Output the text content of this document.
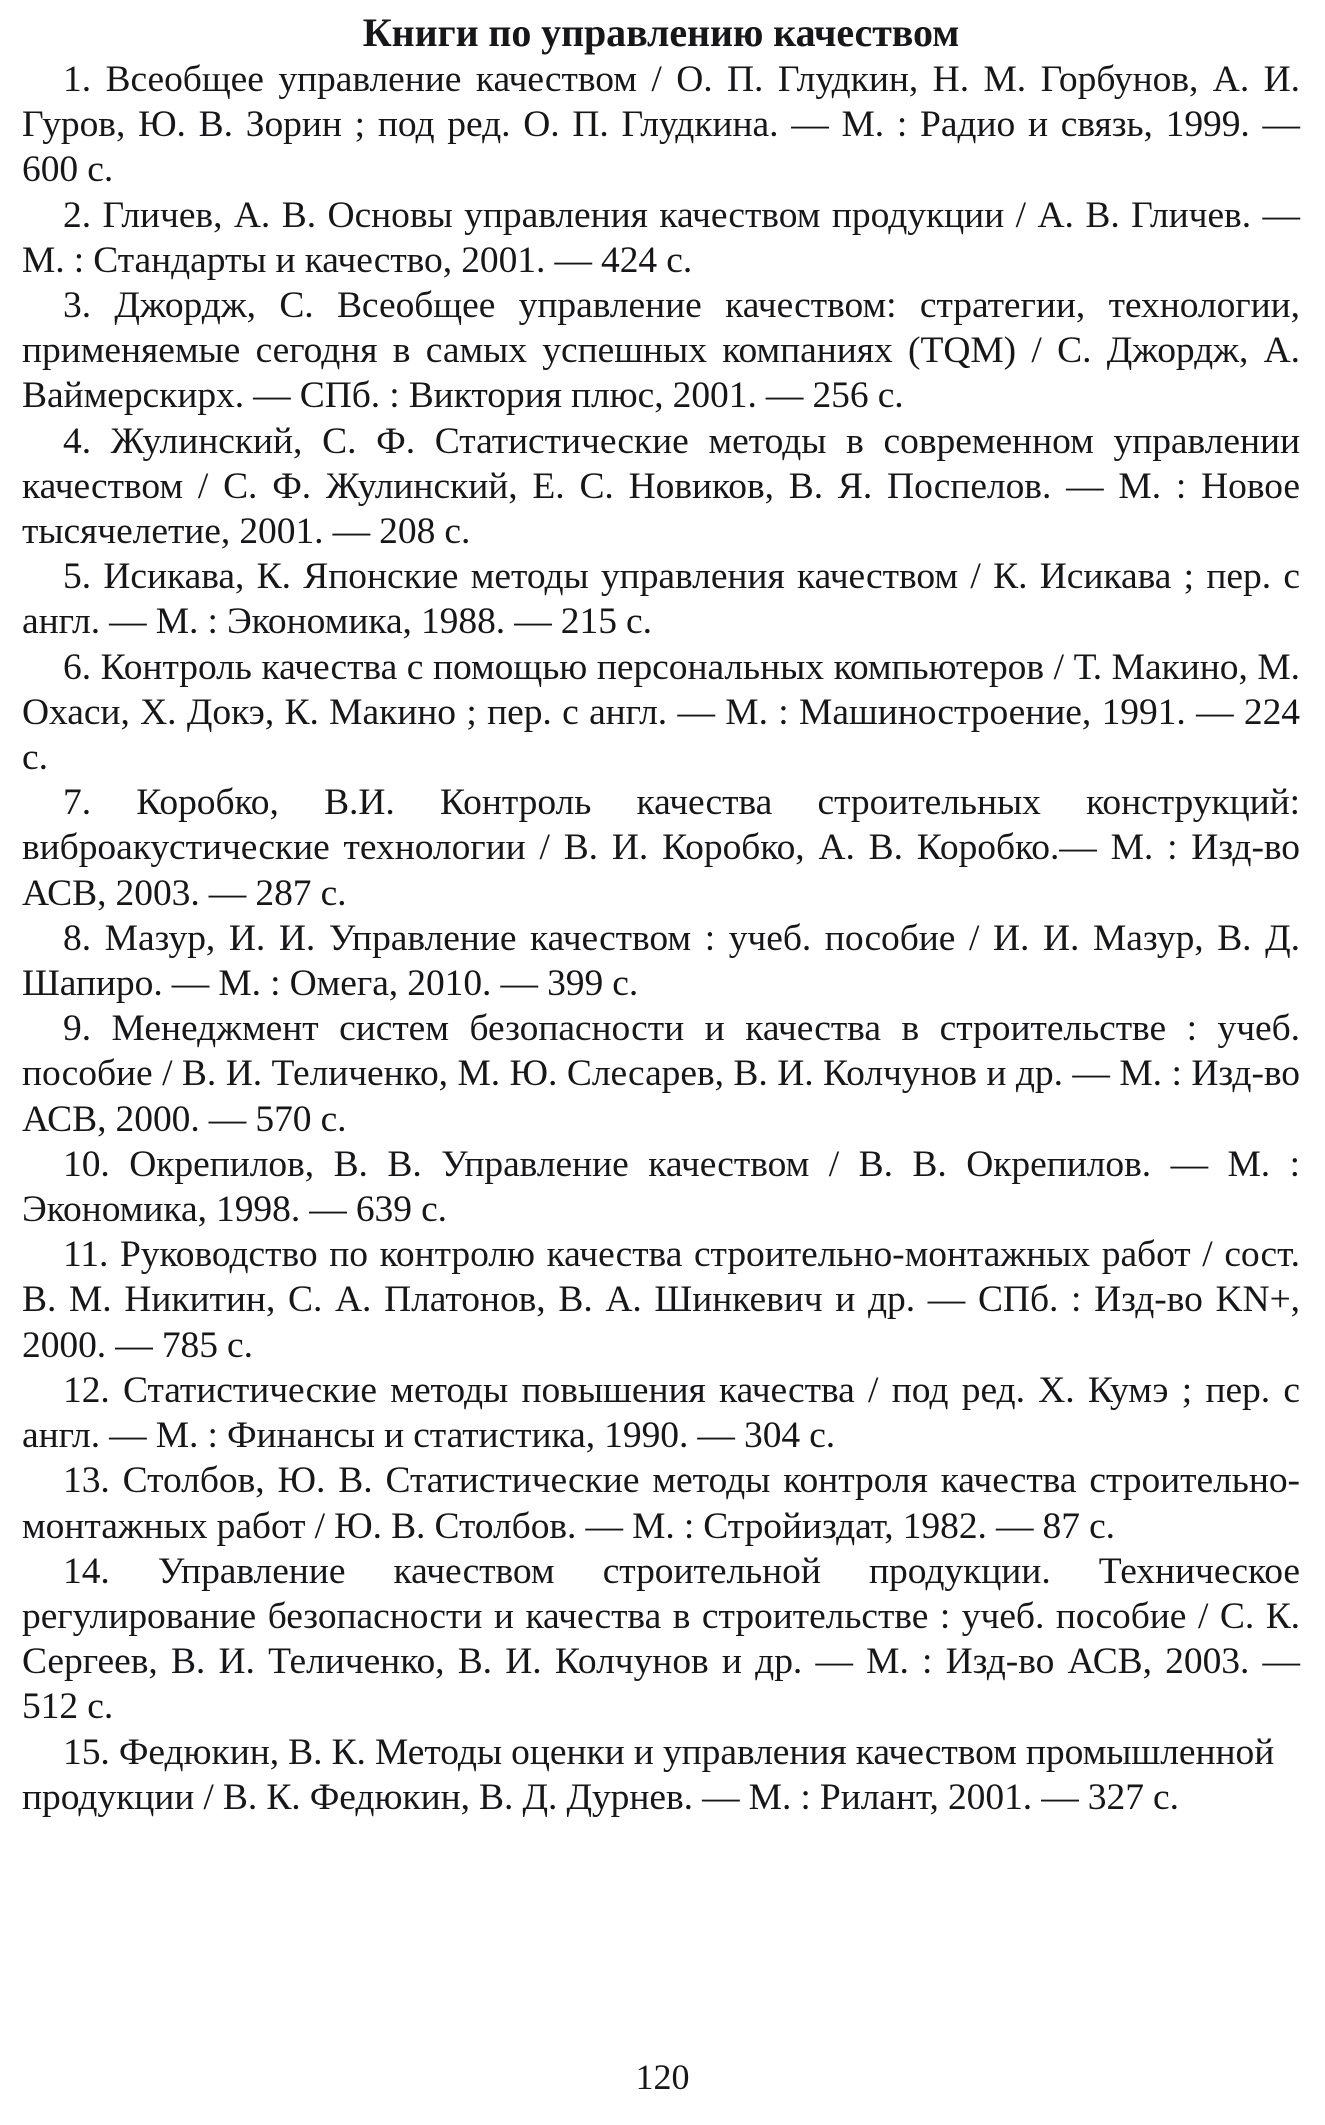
Книги по управлению качеством

1. Всеобщее управление качеством / О. П. Глудкин, Н. М. Горбунов, А. И. Гуров, Ю. В. Зорин ; под ред. О. П. Глудкина. — М. : Радио и связь, 1999. — 600 с.

2. Гличев, А. В. Основы управления качеством продукции / А. В. Гличев. — М. : Стандарты и качество, 2001. — 424 с.

3. Джордж, С. Всеобщее управление качеством: стратегии, технологии, применяемые сегодня в самых успешных компаниях (TQM) / С. Джордж, А. Ваймерскирх. — СПб. : Виктория плюс, 2001. — 256 с.

4. Жулинский, С. Ф. Статистические методы в современном управлении качеством / С. Ф. Жулинский, Е. С. Новиков, В. Я. Поспелов. — М. : Новое тысячелетие, 2001. — 208 с.

5. Исикава, К. Японские методы управления качеством / К. Исикава ; пер. с англ. — М. : Экономика, 1988. — 215 с.

6. Контроль качества с помощью персональных компьютеров / Т. Макино, М. Охаси, Х. Докэ, К. Макино ; пер. с англ. — М. : Машиностроение, 1991. — 224 с.

7. Коробко, В.И. Контроль качества строительных конструкций: виброакустические технологии / В. И. Коробко, А. В. Коробко.— М. : Изд-во АСВ, 2003. — 287 с.

8. Мазур, И. И. Управление качеством : учеб. пособие / И. И. Мазур, В. Д. Шапиро. — М. : Омега, 2010. — 399 с.

9. Менеджмент систем безопасности и качества в строительстве : учеб. пособие / В. И. Теличенко, М. Ю. Слесарев, В. И. Колчунов и др. — М. : Изд-во АСВ, 2000. — 570 с.

10. Окрепилов, В. В. Управление качеством / В. В. Окрепилов. — М. : Экономика, 1998. — 639 с.

11. Руководство по контролю качества строительно-монтажных работ / сост. В. М. Никитин, С. А. Платонов, В. А. Шинкевич и др. — СПб. : Изд-во KN+, 2000. — 785 с.

12. Статистические методы повышения качества / под ред. Х. Кумэ ; пер. с англ. — М. : Финансы и статистика, 1990. — 304 с.

13. Столбов, Ю. В. Статистические методы контроля качества строительно-монтажных работ / Ю. В. Столбов. — М. : Стройиздат, 1982. — 87 с.

14. Управление качеством строительной продукции. Техническое регулирование безопасности и качества в строительстве : учеб. пособие / С. К. Сергеев, В. И. Теличенко, В. И. Колчунов и др. — М. : Изд-во АСВ, 2003. — 512 с.

15. Федюкин, В. К. Методы оценки и управления качеством промышленной продукции / В. К. Федюкин, В. Д. Дурнев. — М. : Рилант, 2001. — 327 с.

120
